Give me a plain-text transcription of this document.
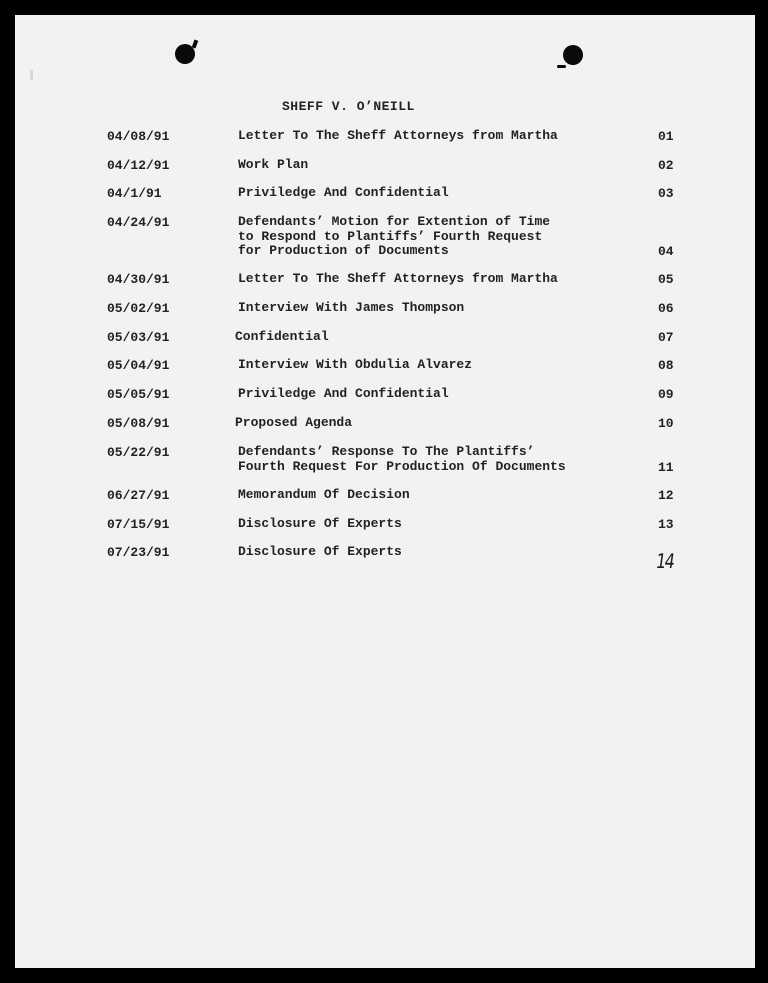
SHEFF V. O’NEILL

04/08/91

	Letter To The Sheff Attorneys from Martha

	01

04/12/91

	Work Plan

	02

04/1/91

	Priviledge And Confidential

	03

04/24/91

	Defendants’ Motion for Extention of Time
to Respond to Plantiffs’ Fourth Request
for Production of Documents

	04

04/30/91

	Letter To The Sheff Attorneys from Martha

	05

05/02/91

	Interview With James Thompson

	06

05/03/91

	Confidential

	07

05/04/91

	Interview With Obdulia Alvarez

	08

05/05/91

	Priviledge And Confidential

	09

05/08/91

	Proposed Agenda

	10

05/22/91

	Defendants’ Response To The Plantiffs’
Fourth Request For Production Of Documents

	11

06/27/91

	Memorandum Of Decision

	12

07/15/91

	Disclosure Of Experts

	13

07/23/91

	Disclosure Of Experts

	14
